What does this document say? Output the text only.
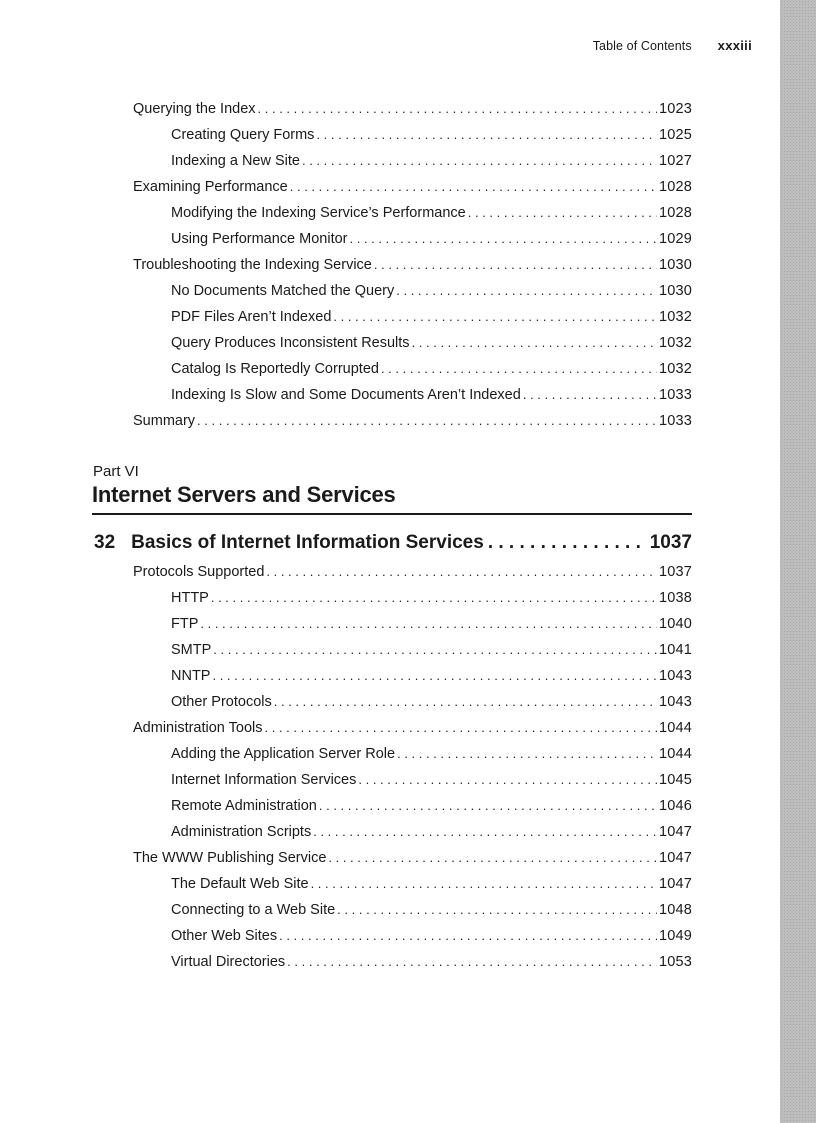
Table of Contents xxxiii
Querying the Index . . .	1023
Creating Query Forms . . .	1025
Indexing a New Site . . .	1027
Examining Performance . . .	1028
Modifying the Indexing Service’s Performance . . .	1028
Using Performance Monitor . . .	1029
Troubleshooting the Indexing Service . . .	1030
No Documents Matched the Query . . .	1030
PDF Files Aren’t Indexed . . .	1032
Query Produces Inconsistent Results . . .	1032
Catalog Is Reportedly Corrupted . . .	1032
Indexing Is Slow and Some Documents Aren’t Indexed . . .	1033
Summary . . .	1033
Part VI
Internet Servers and Services
32 Basics of Internet Information Services . . .	1037
Protocols Supported . . .	1037
HTTP . . .	1038
FTP . . .	1040
SMTP . . .	1041
NNTP . . .	1043
Other Protocols . . .	1043
Administration Tools . . .	1044
Adding the Application Server Role . . .	1044
Internet Information Services . . .	1045
Remote Administration . . .	1046
Administration Scripts . . .	1047
The WWW Publishing Service . . .	1047
The Default Web Site . . .	1047
Connecting to a Web Site . . .	1048
Other Web Sites . . .	1049
Virtual Directories . . .	1053
